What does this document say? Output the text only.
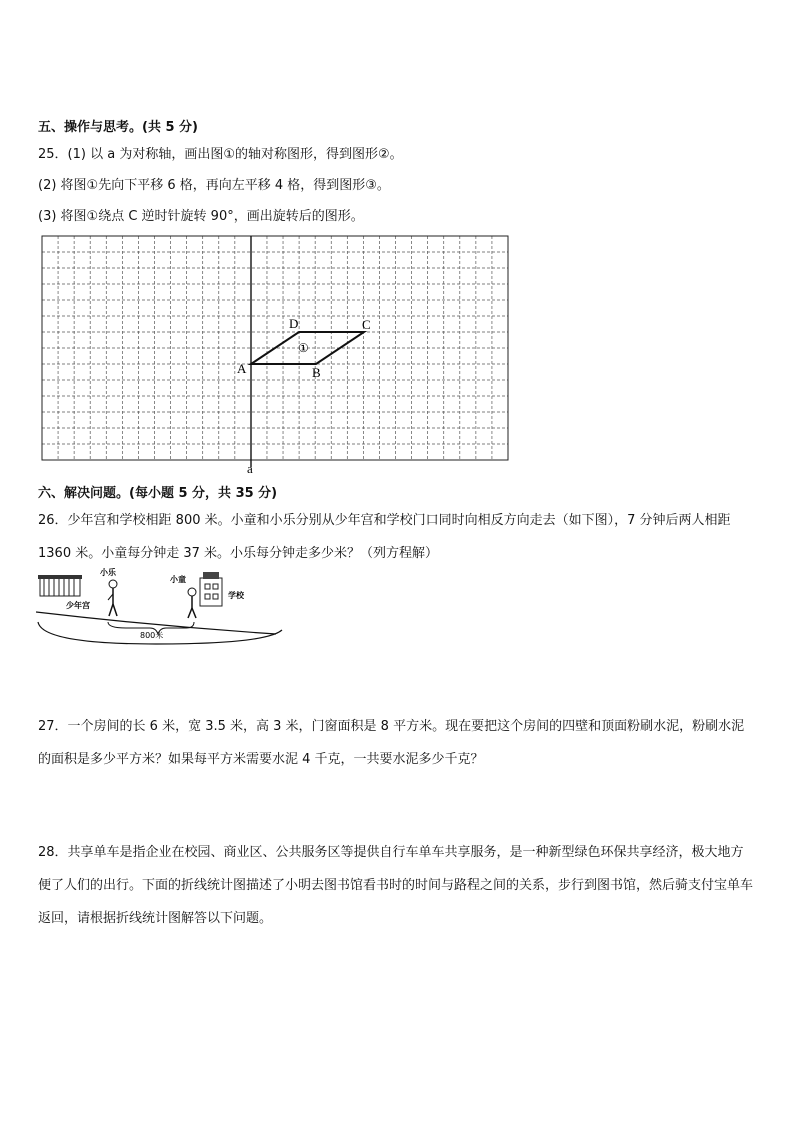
五、操作与思考。(共 5 分)
25．(1) 以 a 为对称轴，画出图①的轴对称图形，得到图形②。
(2) 将图①先向下平移 6 格，再向左平移 4 格，得到图形③。
(3) 将图①绕点 C 逆时针旋转 90°，画出旋转后的图形。
A	B
C
D
①
a
六、解决问题。(每小题 5 分，共 35 分)
26．少年宫和学校相距 800 米。小童和小乐分别从少年宫和学校门口同时向相反方向走去（如下图），7 分钟后两人相距 1360 米。小童每分钟走 37 米。小乐每分钟走多少米？（列方程解）
小乐
少年宫
小童
学校
800米
27．一个房间的长 6 米，宽 3.5 米，高 3 米，门窗面积是 8 平方米。现在要把这个房间的四壁和顶面粉刷水泥，粉刷水泥的面积是多少平方米？如果每平方米需要水泥 4 千克，一共要水泥多少千克？
28．共享单车是指企业在校园、商业区、公共服务区等提供自行车单车共享服务，是一种新型绿色环保共享经济，极大地方便了人们的出行。下面的折线统计图描述了小明去图书馆看书时的时间与路程之间的关系，步行到图书馆，然后骑支付宝单车返回，请根据折线统计图解答以下问题。
